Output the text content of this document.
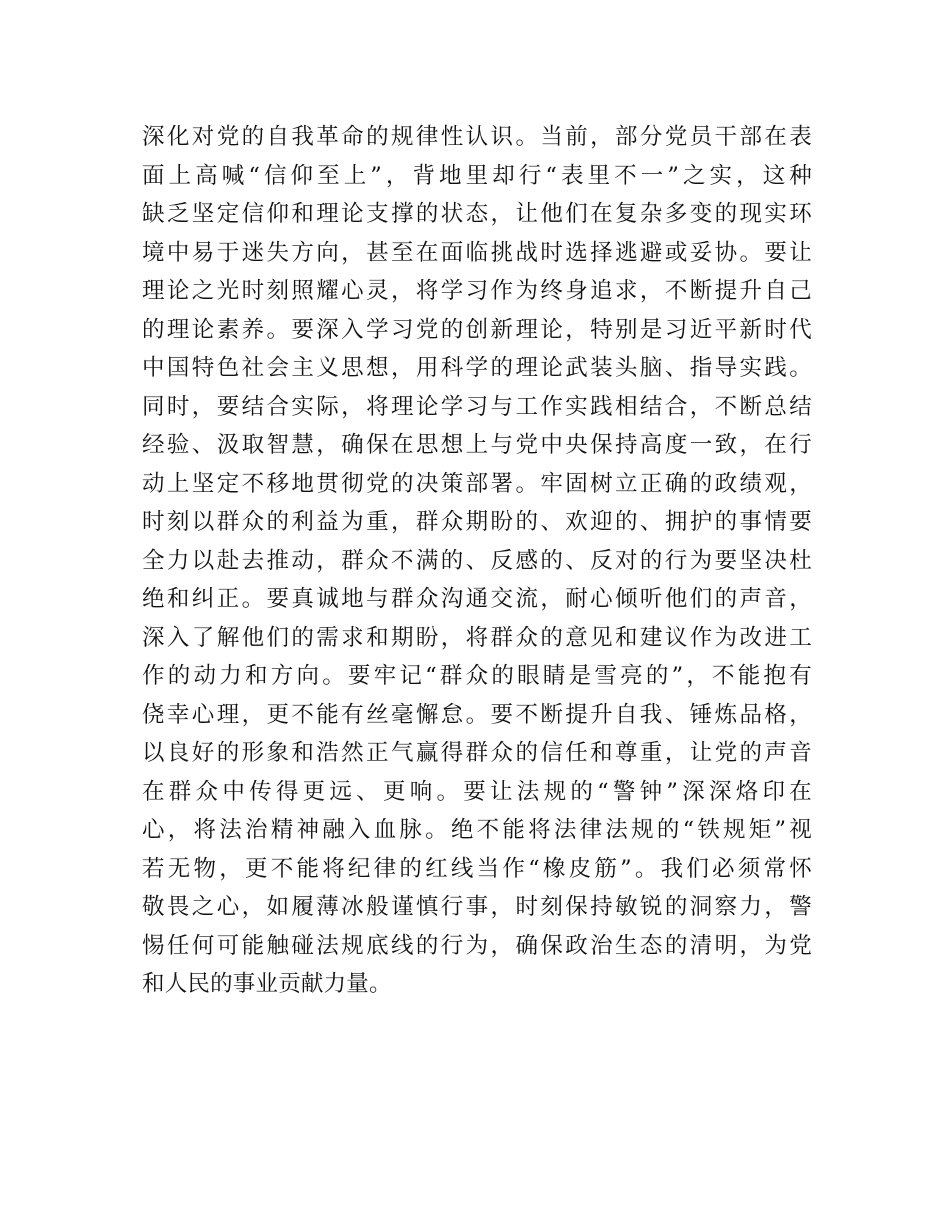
深化对党的自我革命的规律性认识。当前，部分党员干部在表
面上高喊“信仰至上”，背地里却行“表里不一”之实，这种
缺乏坚定信仰和理论支撑的状态，让他们在复杂多变的现实环
境中易于迷失方向，甚至在面临挑战时选择逃避或妥协。要让
理论之光时刻照耀心灵，将学习作为终身追求，不断提升自己
的理论素养。要深入学习党的创新理论，特别是习近平新时代
中国特色社会主义思想，用科学的理论武装头脑、指导实践。
同时，要结合实际，将理论学习与工作实践相结合，不断总结
经验、汲取智慧，确保在思想上与党中央保持高度一致，在行
动上坚定不移地贯彻党的决策部署。牢固树立正确的政绩观，
时刻以群众的利益为重，群众期盼的、欢迎的、拥护的事情要
全力以赴去推动，群众不满的、反感的、反对的行为要坚决杜
绝和纠正。要真诚地与群众沟通交流，耐心倾听他们的声音，
深入了解他们的需求和期盼，将群众的意见和建议作为改进工
作的动力和方向。要牢记“群众的眼睛是雪亮的”，不能抱有
侥幸心理，更不能有丝毫懈怠。要不断提升自我、锤炼品格，
以良好的形象和浩然正气赢得群众的信任和尊重，让党的声音
在群众中传得更远、更响。要让法规的“警钟”深深烙印在
心，将法治精神融入血脉。绝不能将法律法规的“铁规矩”视
若无物，更不能将纪律的红线当作“橡皮筋”。我们必须常怀
敬畏之心，如履薄冰般谨慎行事，时刻保持敏锐的洞察力，警
惕任何可能触碰法规底线的行为，确保政治生态的清明，为党
和人民的事业贡献力量。
